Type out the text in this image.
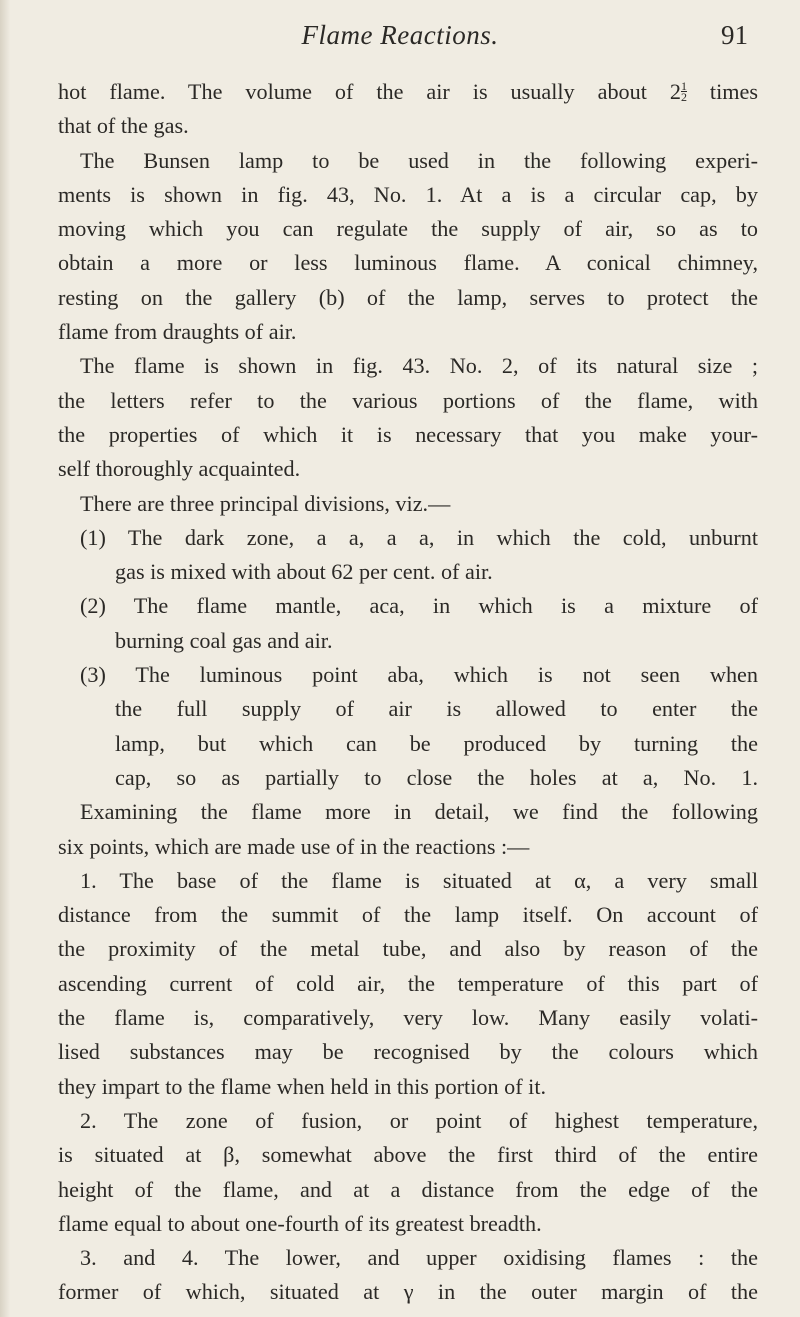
Flame Reactions.	91
hot flame. The volume of the air is usually about $2 \frac{1}{2}$ times
that of the gas.
The Bunsen lamp to be used in the following experi-
ments is shown in fig. 43, No. 1. At a is a circular cap, by
moving which you can regulate the supply of air, so as to
obtain a more or less luminous flame. A conical chimney,
resting on the gallery (b) of the lamp, serves to protect the
flame from draughts of air.
The flame is shown in fig. 43. No. 2, of its natural size ;
the letters refer to the various portions of the flame, with
the properties of which it is necessary that you make your-
self thoroughly acquainted.
There are three principal divisions, viz.—
(1) The dark zone, a a, a a, in which the cold, unburnt
gas is mixed with about 62 per cent. of air.
(2) The flame mantle, aca, in which is a mixture of
burning coal gas and air.
(3) The luminous point aba, which is not seen when
the full supply of air is allowed to enter the
lamp, but which can be produced by turning the
cap, so as partially to close the holes at a, No. 1.
Examining the flame more in detail, we find the following
six points, which are made use of in the reactions :—
1. The base of the flame is situated at α, a very small
distance from the summit of the lamp itself. On account of
the proximity of the metal tube, and also by reason of the
ascending current of cold air, the temperature of this part of
the flame is, comparatively, very low. Many easily volati-
lised substances may be recognised by the colours which
they impart to the flame when held in this portion of it.
2. The zone of fusion, or point of highest temperature,
is situated at β, somewhat above the first third of the entire
height of the flame, and at a distance from the edge of the
flame equal to about one-fourth of its greatest breadth.
3. and 4. The lower, and upper oxidising flames : the
former of which, situated at γ in the outer margin of the
